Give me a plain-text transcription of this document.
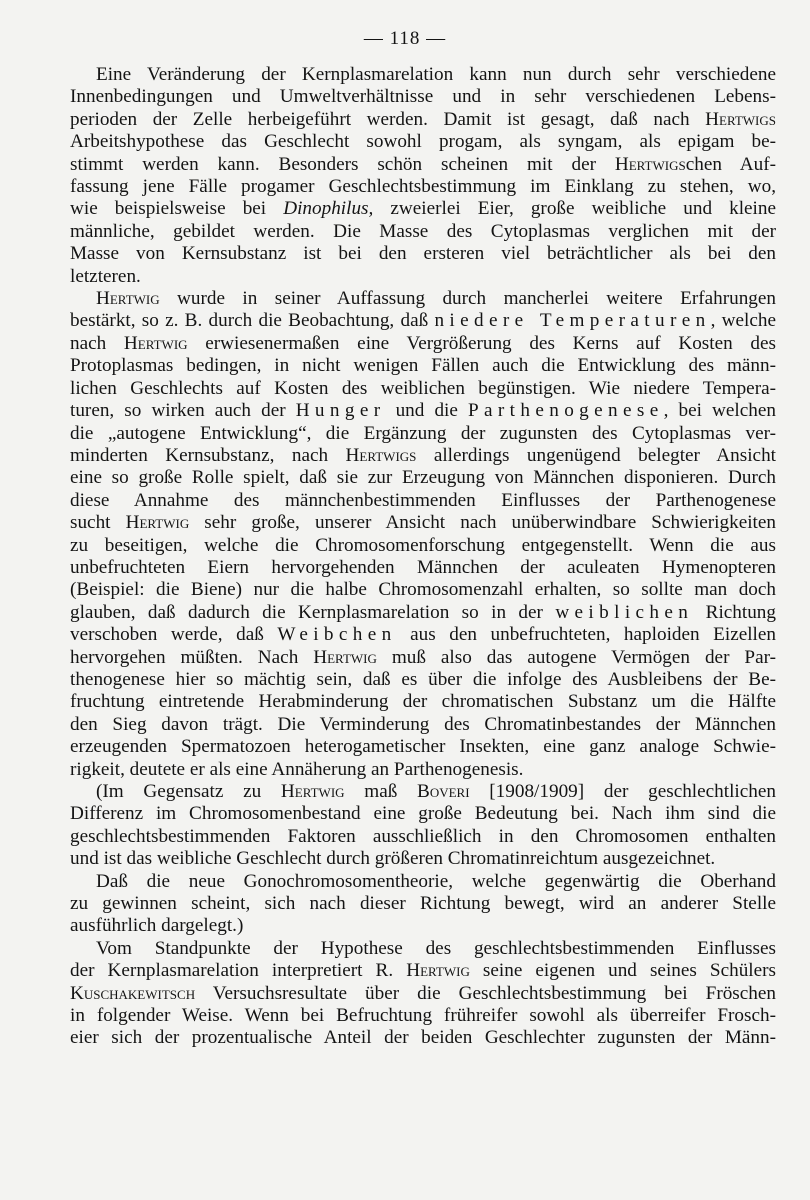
— 118 —
Eine Veränderung der Kernplasmarelation kann nun durch sehr verschiedene
Innenbedingungen und Umweltverhältnisse und in sehr verschiedenen Lebens-
perioden der Zelle herbeigeführt werden. Damit ist gesagt, daß nach Hertwigs
Arbeitshypothese das Geschlecht sowohl progam, als syngam, als epigam be-
stimmt werden kann. Besonders schön scheinen mit der Hertwigschen Auf-
fassung jene Fälle progamer Geschlechtsbestimmung im Einklang zu stehen, wo,
wie beispielsweise bei Dinophilus, zweierlei Eier, große weibliche und kleine
männliche, gebildet werden. Die Masse des Cytoplasmas verglichen mit der
Masse von Kernsubstanz ist bei den ersteren viel beträchtlicher als bei den
letzteren.
Hertwig wurde in seiner Auffassung durch mancherlei weitere Erfahrungen
bestärkt, so z. B. durch die Beobachtung, daß niedere Temperaturen, welche
nach Hertwig erwiesenermaßen eine Vergrößerung des Kerns auf Kosten des
Protoplasmas bedingen, in nicht wenigen Fällen auch die Entwicklung des männ-
lichen Geschlechts auf Kosten des weiblichen begünstigen. Wie niedere Tempera-
turen, so wirken auch der Hunger und die Parthenogenese, bei welchen
die „autogene Entwicklung“, die Ergänzung der zugunsten des Cytoplasmas ver-
minderten Kernsubstanz, nach Hertwigs allerdings ungenügend belegter Ansicht
eine so große Rolle spielt, daß sie zur Erzeugung von Männchen disponieren. Durch
diese Annahme des männchenbestimmenden Einflusses der Parthenogenese
sucht Hertwig sehr große, unserer Ansicht nach unüberwindbare Schwierigkeiten
zu beseitigen, welche die Chromosomenforschung entgegenstellt. Wenn die aus
unbefruchteten Eiern hervorgehenden Männchen der aculeaten Hymenopteren
(Beispiel: die Biene) nur die halbe Chromosomenzahl erhalten, so sollte man doch
glauben, daß dadurch die Kernplasmarelation so in der weiblichen Richtung
verschoben werde, daß Weibchen aus den unbefruchteten, haploiden Eizellen
hervorgehen müßten. Nach Hertwig muß also das autogene Vermögen der Par-
thenogenese hier so mächtig sein, daß es über die infolge des Ausbleibens der Be-
fruchtung eintretende Herabminderung der chromatischen Substanz um die Hälfte
den Sieg davon trägt. Die Verminderung des Chromatinbestandes der Männchen
erzeugenden Spermatozoen heterogametischer Insekten, eine ganz analoge Schwie-
rigkeit, deutete er als eine Annäherung an Parthenogenesis.
(Im Gegensatz zu Hertwig maß Boveri [1908/1909] der geschlechtlichen
Differenz im Chromosomenbestand eine große Bedeutung bei. Nach ihm sind die
geschlechtsbestimmenden Faktoren ausschließlich in den Chromosomen enthalten
und ist das weibliche Geschlecht durch größeren Chromatinreichtum ausgezeichnet.
Daß die neue Gonochromosomentheorie, welche gegenwärtig die Oberhand
zu gewinnen scheint, sich nach dieser Richtung bewegt, wird an anderer Stelle
ausführlich dargelegt.)
Vom Standpunkte der Hypothese des geschlechtsbestimmenden Einflusses
der Kernplasmarelation interpretiert R. Hertwig seine eigenen und seines Schülers
Kuschakewitsch Versuchsresultate über die Geschlechtsbestimmung bei Fröschen
in folgender Weise. Wenn bei Befruchtung frühreifer sowohl als überreifer Frosch-
eier sich der prozentualische Anteil der beiden Geschlechter zugunsten der Männ-
